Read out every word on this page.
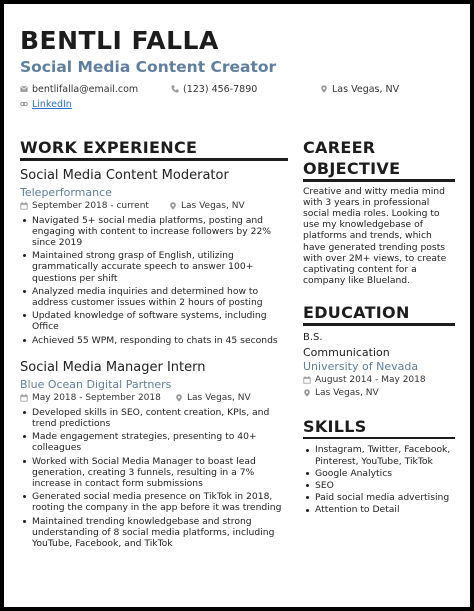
BENTLI FALLA
Social Media Content Creator
bentlifalla@email.com	(123) 456-7890	Las Vegas, NV
LinkedIn
WORK EXPERIENCE
Social Media Content Moderator
Teleperformance
September 2018 - current	Las Vegas, NV
Navigated 5+ social media platforms, posting and engaging with content to increase followers by 22% since 2019
Maintained strong grasp of English, utilizing grammatically accurate speech to answer 100+ questions per shift
Analyzed media inquiries and determined how to address customer issues within 2 hours of posting
Updated knowledge of software systems, including Office
Achieved 55 WPM, responding to chats in 45 seconds
Social Media Manager Intern
Blue Ocean Digital Partners
May 2018 - September 2018	Las Vegas, NV
Developed skills in SEO, content creation, KPIs, and trend predictions
Made engagement strategies, presenting to 40+ colleagues
Worked with Social Media Manager to boast lead generation, creating 3 funnels, resulting in a 7% increase in contact form submissions
Generated social media presence on TikTok in 2018, rooting the company in the app before it was trending
Maintained trending knowledgebase and strong understanding of 8 social media platforms, including YouTube, Facebook, and TikTok
CAREER
OBJECTIVE
Creative and witty media mind with 3 years in professional social media roles. Looking to use my knowledgebase of platforms and trends, which have generated trending posts with over 2M+ views, to create captivating content for a company like Blueland.
EDUCATION
B.S.
Communication
University of Nevada
August 2014 - May 2018
Las Vegas, NV
SKILLS
Instagram, Twitter, Facebook, Pinterest, YouTube, TikTok
Google Analytics
SEO
Paid social media advertising
Attention to Detail
